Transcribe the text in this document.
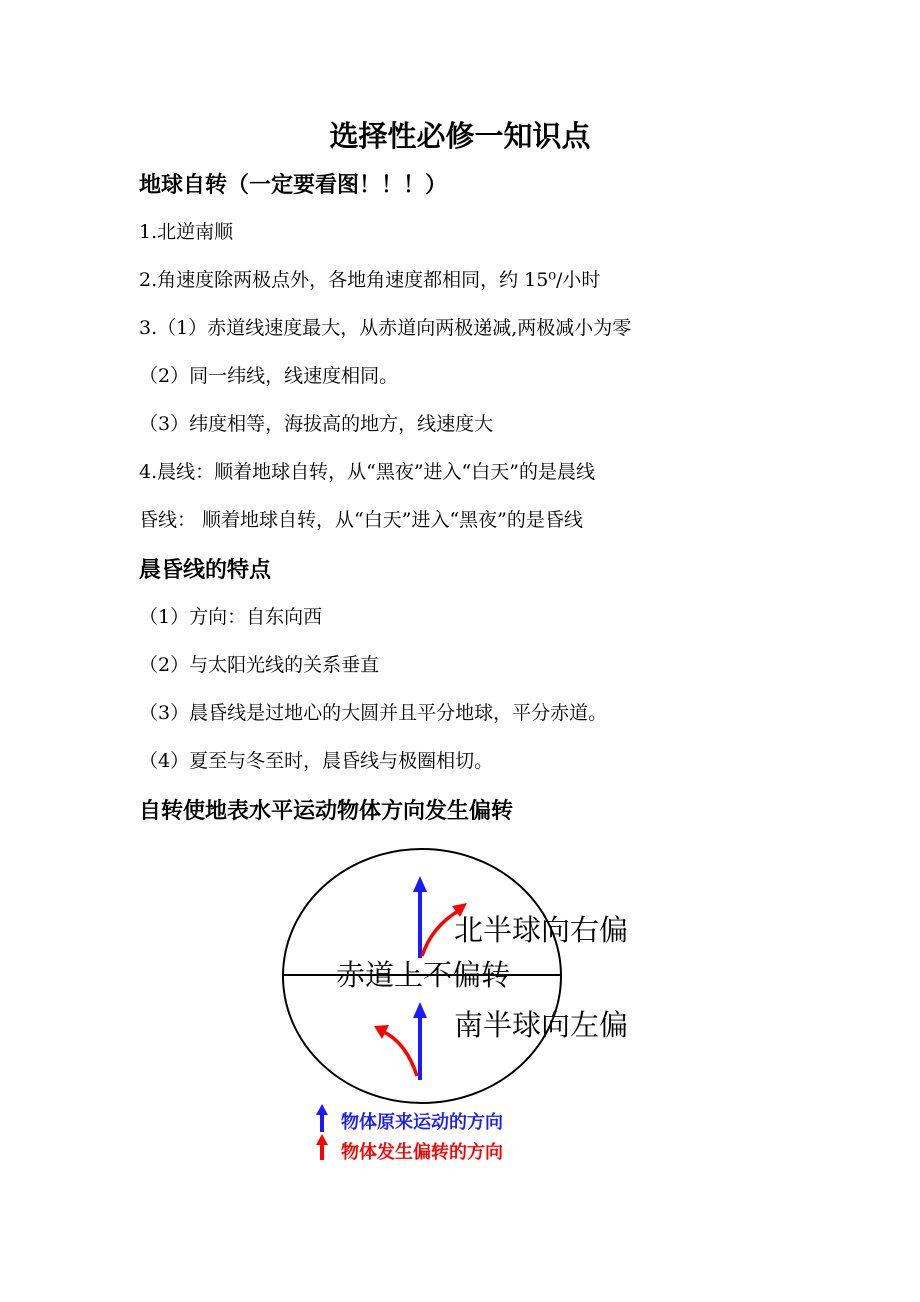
选择性必修一知识点
地球自转（一定要看图！！！）

1.北逆南顺

2.角速度除两极点外，各地角速度都相同，约 15⁰/小时

3.（1）赤道线速度最大，从赤道向两极递减,两极减小为零

（2）同一纬线，线速度相同。

（3）纬度相等，海拔高的地方，线速度大

4.晨线：顺着地球自转，从“黑夜”进入“白天”的是晨线

昏线： 顺着地球自转，从“白天”进入“黑夜”的是昏线

晨昏线的特点

（1）方向：自东向西

（2）与太阳光线的关系垂直

（3）晨昏线是过地心的大圆并且平分地球，平分赤道。

（4）夏至与冬至时，晨昏线与极圈相切。

自转使地表水平运动物体方向发生偏转
北半球向右偏
赤道上不偏转
南半球向左偏
物体原来运动的方向
物体发生偏转的方向
